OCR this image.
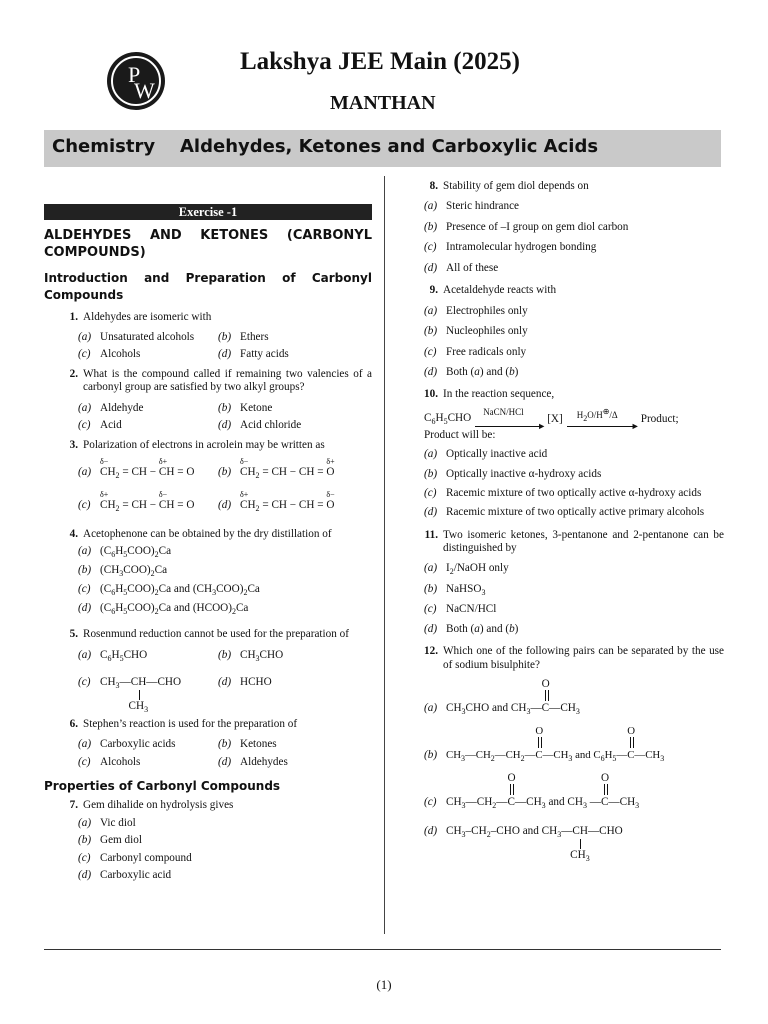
P
W
Lakshya JEE Main (2025)
MANTHAN
Chemistry Aldehydes, Ketones and Carboxylic Acids
Exercise -1
ALDEHYDES AND KETONES (CARBONYL COMPOUNDS)
Introduction and Preparation of Carbonyl Compounds
1. Aldehydes are isomeric with
(a) Unsaturated alcohols (b) Ethers
(c) Alcohols	(d) Fatty acids
2. What is the compound called if remaining two valencies of a carbonyl group are satisfied by two alkyl groups?
(a) Aldehyde	(b) Ketone
(c) Acid	(d) Acid chloride
3. Polarization of electrons in acrolein may be written as
(a)
δ−
$CH_2$ = CH −
δ+
CH = O (b)
δ−
$CH_2$ = CH − CH =
δ+
O
(c)
δ+
$CH_2$ = CH −
δ−
CH = O (d)
δ+
$CH_2$ = CH − CH =
δ−
O
4. Acetophenone can be obtained by the dry distillation of
(a) $(C_6H_5COO)_2Ca$
(b) $(CH_3COO)_2Ca$
(c) $(C_6H_5COO)_2Ca$ and $(CH_3COO)_2Ca$
(d) $(C_6H_5COO)_2Ca$ and $(HCOO)_2Ca$
5. Rosenmund reduction cannot be used for the preparation of
(a) $C_6H_5CHO$	(b) $CH_3CHO$
(c) $CH_3—CH$
$CH_3$
—CHO	(d) HCHO
6. Stephen’s reaction is used for the preparation of
(a) Carboxylic acids	(b) Ketones
(c) Alcohols	(d) Aldehydes
Properties of Carbonyl Compounds
7. Gem dihalide on hydrolysis gives
(a) Vic diol
(b) Gem diol
(c) Carbonyl compound
(d) Carboxylic acid
8. Stability of gem diol depends on
(a) Steric hindrance
(b) Presence of –I group on gem diol carbon
(c) Intramolecular hydrogen bonding
(d) All of these
9. Acetaldehyde reacts with
(a) Electrophiles only
(b) Nucleophiles only
(c) Free radicals only
(d) Both (a) and (b)
10. In the reaction sequence,
$C_6H_5CHO$
NaCN/HCl
►
[X] $H_2O/H^\oplus/\Delta$
►
Product;
Product will be:
(a) Optically inactive acid
(b) Optically inactive α-hydroxy acids
(c) Racemic mixture of two optically active α-hydroxy acids
(d) Racemic mixture of two optically active primary alcohols
11. Two isomeric ketones, 3-pentanone and 2-pentanone can be distinguished by
(a) $I_2$/NaOH only
(b) NaHSO$_3$
(c) NaCN/HCl
(d) Both (a) and (b)
12. Which one of the following pairs can be separated by the use of sodium bisulphite?
(a) $CH_3CHO$ and $CH_3—$
O
$C—CH_3$
(b) $CH_3—CH_2—CH_2—$
O
$C—CH_3$ and $C_6H_5—$
O
$C—CH_3$
(c) $CH_3—CH_2—$
O
$C—CH_3$ and $CH_3$ —
O
$C—CH_3$
(d) $CH_3-CH_2$–CHO and $CH_3—CH$
$CH_3$
—CHO
(1)
